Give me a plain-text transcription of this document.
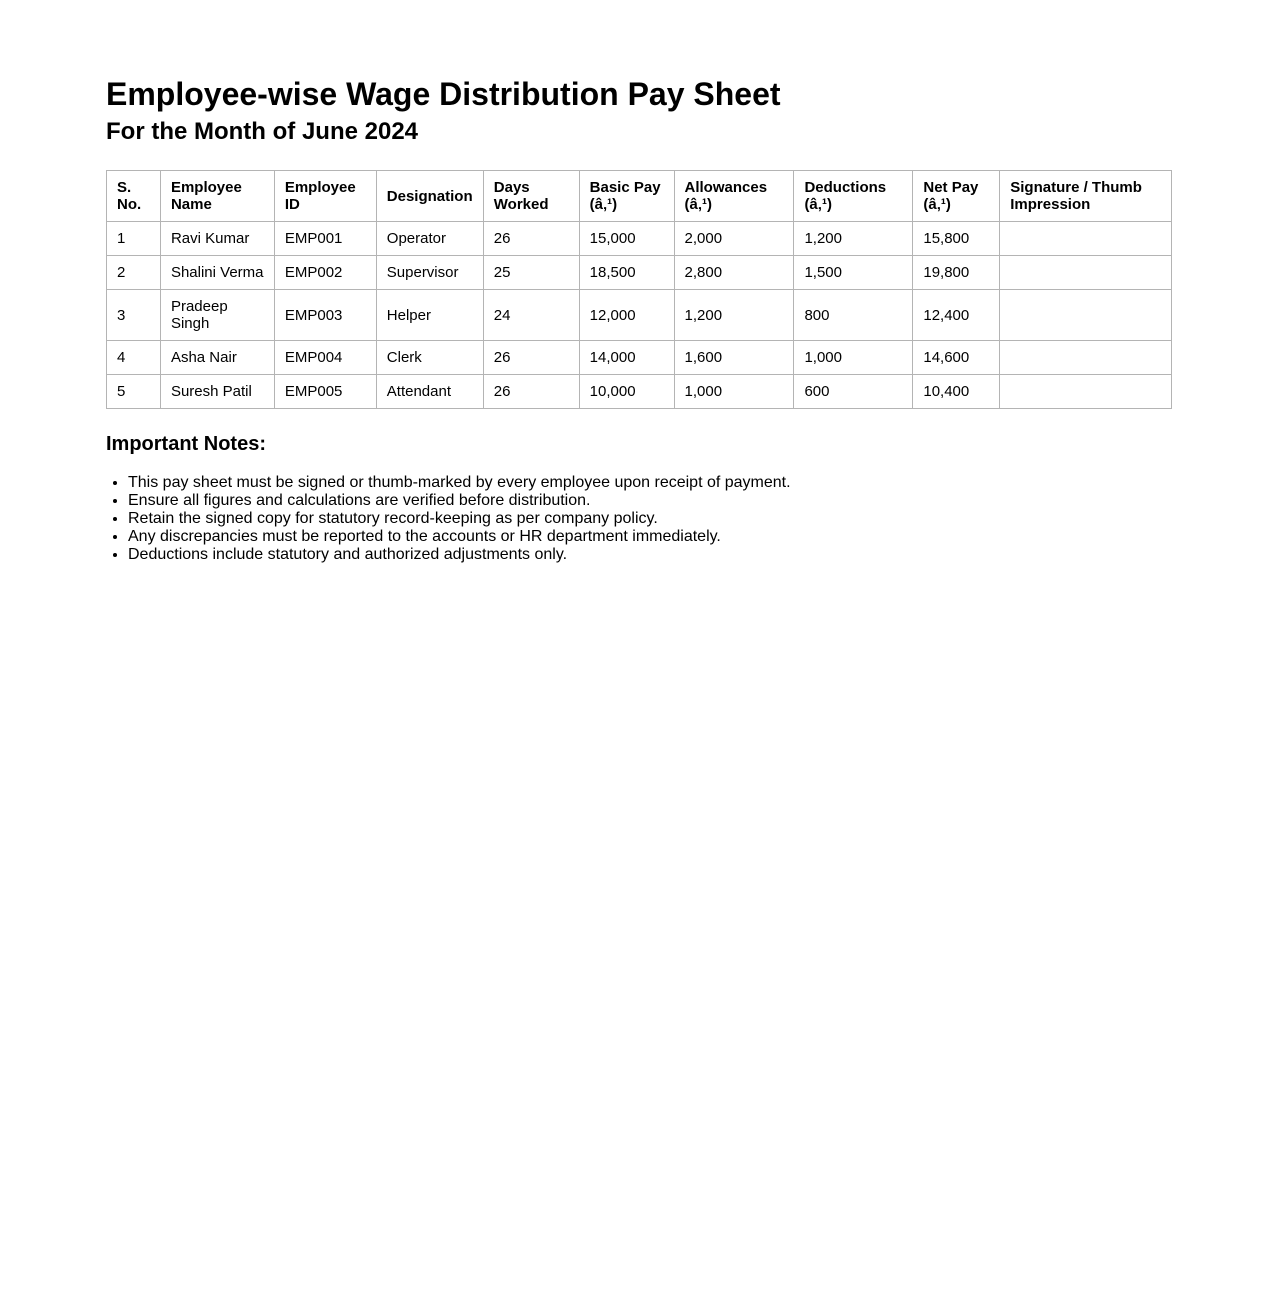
Employee-wise Wage Distribution Pay Sheet
For the Month of June 2024
S. No.	Employee Name	Employee ID	Designation	Days Worked	Basic Pay (â‚¹)	Allowances (â‚¹)	Deductions (â‚¹)	Net Pay (â‚¹)	Signature / Thumb Impression
1	Ravi Kumar	EMP001	Operator	26	15,000	2,000	1,200	15,800	
2	Shalini Verma	EMP002	Supervisor	25	18,500	2,800	1,500	19,800	
3	Pradeep Singh	EMP003	Helper	24	12,000	1,200	800	12,400	
4	Asha Nair	EMP004	Clerk	26	14,000	1,600	1,000	14,600	
5	Suresh Patil	EMP005	Attendant	26	10,000	1,000	600	10,400	
Important Notes:
• This pay sheet must be signed or thumb-marked by every employee upon receipt of payment.
• Ensure all figures and calculations are verified before distribution.
• Retain the signed copy for statutory record-keeping as per company policy.
• Any discrepancies must be reported to the accounts or HR department immediately.
• Deductions include statutory and authorized adjustments only.
